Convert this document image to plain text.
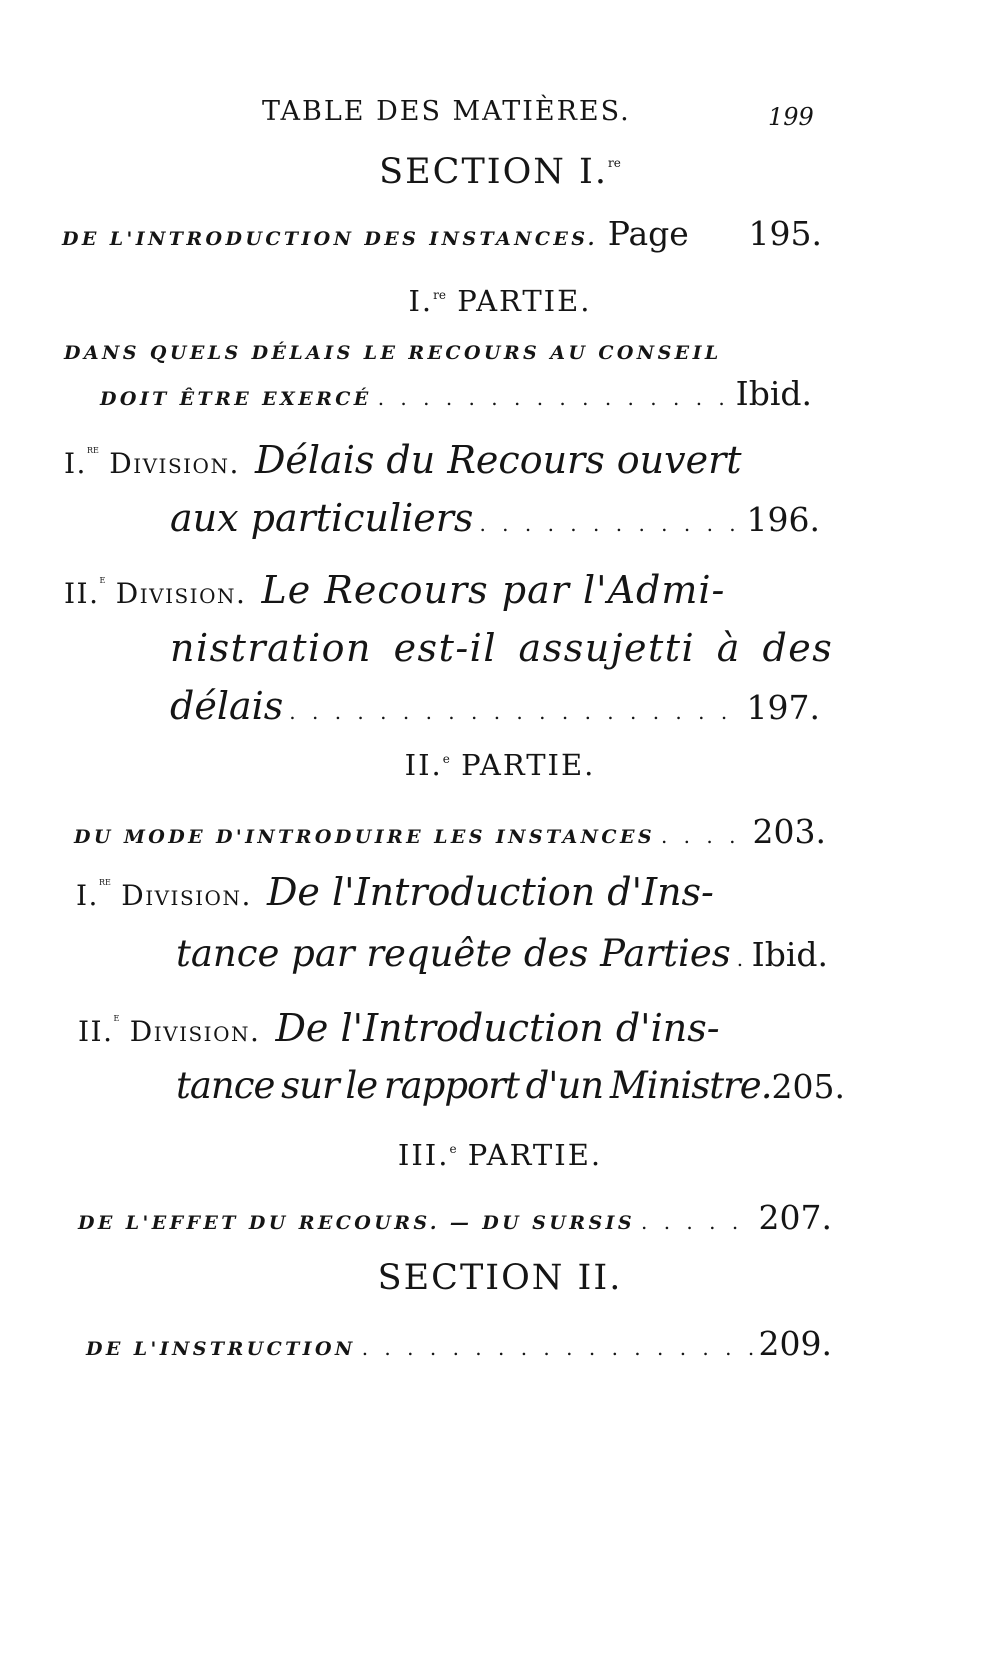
TABLE DES MATIÈRES.	199
SECTION I.$^{re}$
DE L'INTRODUCTION DES INSTANCES. Page 195.
I.$^{re}$ PARTIE.
DANS QUELS DÉLAIS LE RECOURS AU CONSEIL
DOIT ÊTRE EXERCÉ . . .	Ibid.
I.$^{re}$ Division. Délais du Recours ouvert
aux particuliers . . .	196.
II.$^e$ Division. Le Recours par l'Admi-
nistration est-il assujetti à des
délais . . .	197.
II.$^e$ PARTIE.
DU MODE D'INTRODUIRE LES INSTANCES . . .	203.
I.$^{re}$ Division. De l'Introduction d'Ins-
tance par requête des Parties . . . Ibid.
II.$^e$ Division. De l'Introduction d'ins-
tance sur le rapport d'un Ministre. 205.
III.$^e$ PARTIE.
DE L'EFFET DU RECOURS. — DU SURSIS . . .	207.
SECTION II.
DE L'INSTRUCTION . . .	209.
